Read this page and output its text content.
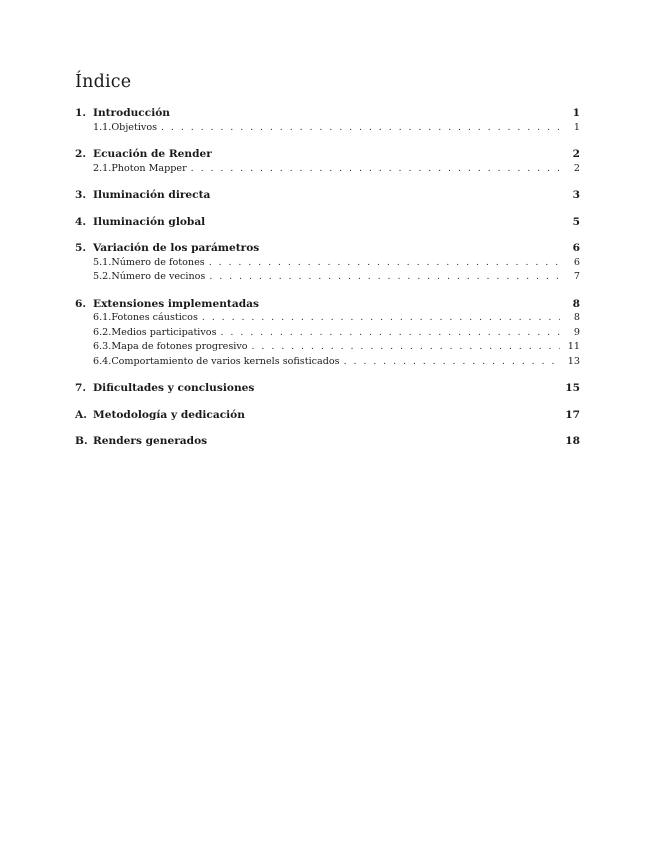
Índice
1. Introducción	1
1.1. Objetivos . . .	1
2. Ecuación de Render	2
2.1. Photon Mapper . . .	2
3. Iluminación directa	3
4. Iluminación global	5
5. Variación de los parámetros	6
5.1. Número de fotones . . .	6
5.2. Número de vecinos . . .	7
6. Extensiones implementadas	8
6.1. Fotones cáusticos . . .	8
6.2. Medios participativos . . .	9
6.3. Mapa de fotones progresivo . . .	11
6.4. Comportamiento de varios kernels sofisticados . . .	13
7. Dificultades y conclusiones	15
A. Metodología y dedicación	17
B. Renders generados	18
